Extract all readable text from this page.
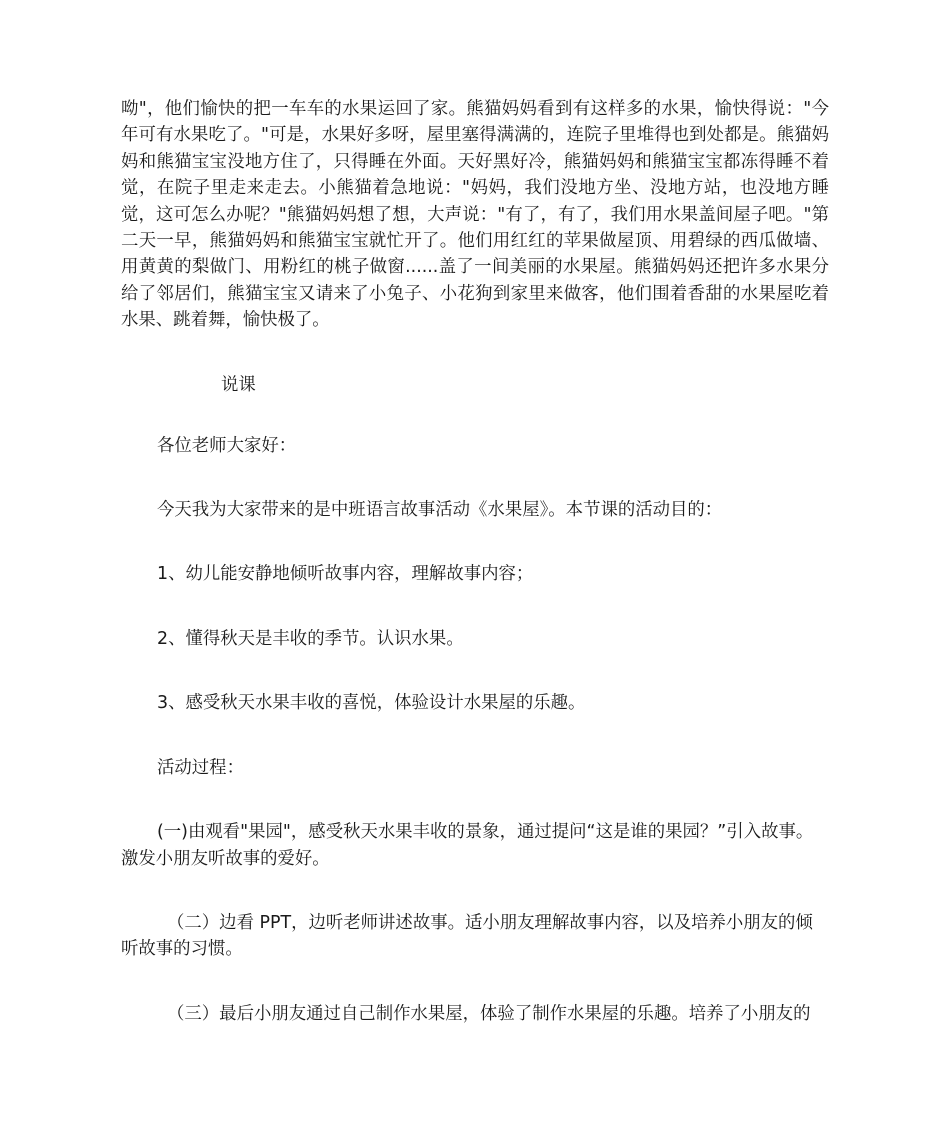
呦"，他们愉快的把一车车的水果运回了家。熊猫妈妈看到有这样多的水果，愉快得说："今年可有水果吃了。"可是，水果好多呀，屋里塞得满满的，连院子里堆得也到处都是。熊猫妈妈和熊猫宝宝没地方住了，只得睡在外面。天好黑好冷，熊猫妈妈和熊猫宝宝都冻得睡不着觉，在院子里走来走去。小熊猫着急地说："妈妈，我们没地方坐、没地方站，也没地方睡觉，这可怎么办呢？"熊猫妈妈想了想，大声说："有了，有了，我们用水果盖间屋子吧。"第二天一早，熊猫妈妈和熊猫宝宝就忙开了。他们用红红的苹果做屋顶、用碧绿的西瓜做墙、用黄黄的梨做门、用粉红的桃子做窗......盖了一间美丽的水果屋。熊猫妈妈还把许多水果分给了邻居们，熊猫宝宝又请来了小兔子、小花狗到家里来做客，他们围着香甜的水果屋吃着水果、跳着舞，愉快极了。

说课

各位老师大家好：

今天我为大家带来的是中班语言故事活动《水果屋》。本节课的活动目的：

1、幼儿能安静地倾听故事内容，理解故事内容；

2、懂得秋天是丰收的季节。认识水果。

3、感受秋天水果丰收的喜悦，体验设计水果屋的乐趣。

活动过程：

(一)由观看"果园"，感受秋天水果丰收的景象，通过提问“这是谁的果园？”引入故事。激发小朋友听故事的爱好。

（二）边看 PPT，边听老师讲述故事。适小朋友理解故事内容，以及培养小朋友的倾听故事的习惯。

（三）最后小朋友通过自己制作水果屋，体验了制作水果屋的乐趣。培养了小朋友的
